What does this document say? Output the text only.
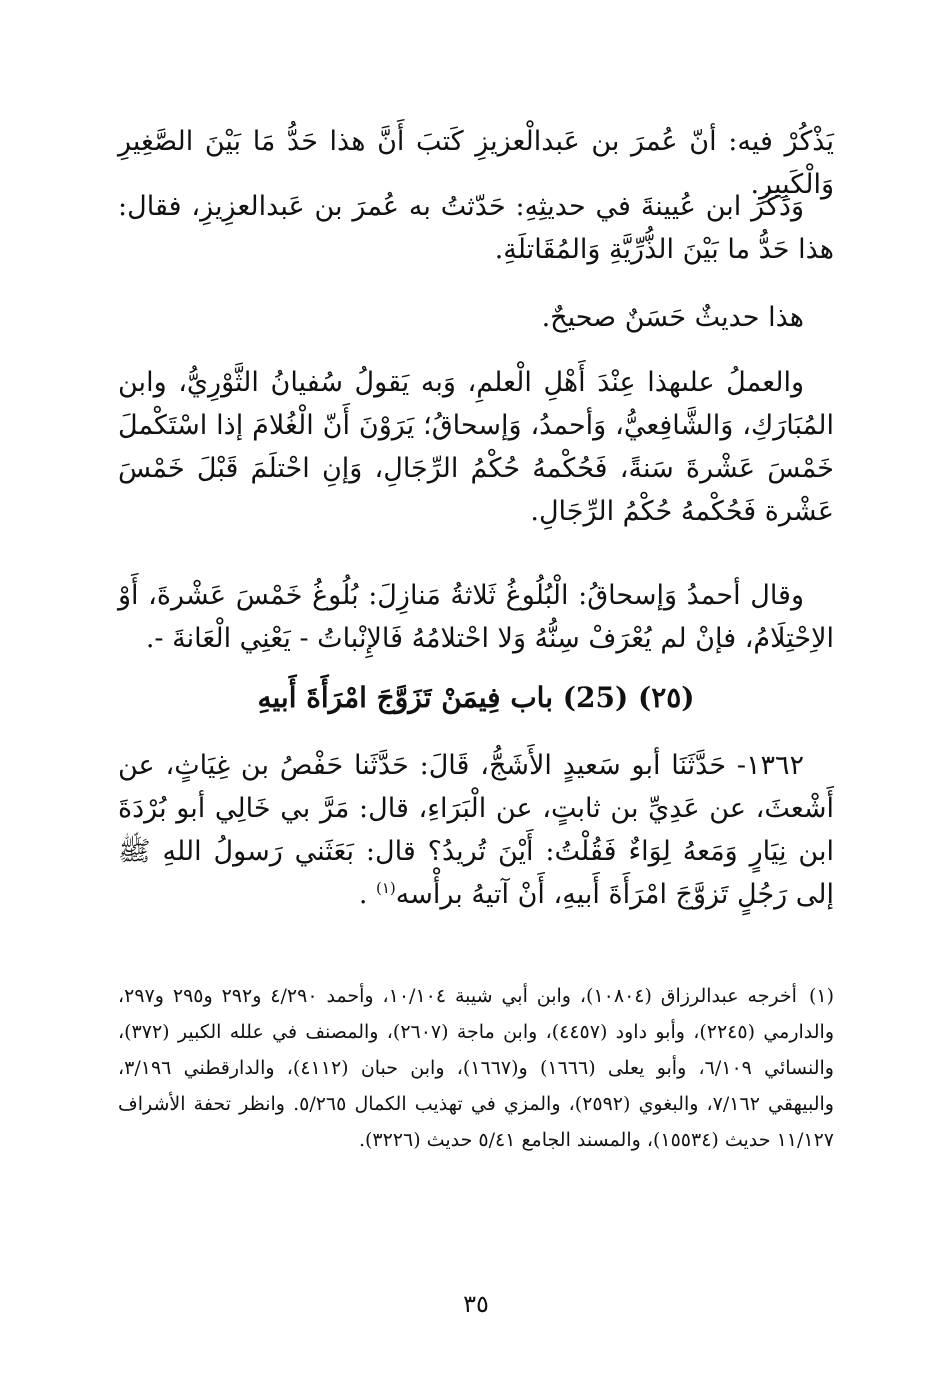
يَذْكُرْ فيه: أنّ عُمرَ بن عَبدالْعزيزِ كَتبَ أَنَّ هذا حَدُّ مَا بَيْنَ الصَّغِيرِ وَالْكَبِيرِ.

وَذَكَرَ ابن عُيينةَ في حديثِهِ: حَدّثتُ به عُمرَ بن عَبدالعزِيزِ، فقال: هذا حَدُّ ما بَيْنَ الذُّرِّيَّةِ وَالمُقَاتلَةِ.

هذا حديثٌ حَسَنٌ صحيحٌ.

والعملُ علىهذا عِنْدَ أَهْلِ الْعلمِ، وَبه يَقولُ سُفيانُ الثَّوْرِيُّ، وابن المُبَارَكِ، وَالشَّافِعيُّ، وَأحمدُ، وَإسحاقُ؛ يَرَوْنَ أَنّ الْغُلامَ إذا اسْتَكْملَ خَمْسَ عَشْرةَ سَنةً، فَحُكْمهُ حُكْمُ الرِّجَالِ، وَإنِ احْتلَمَ قَبْلَ خَمْسَ عَشْرة فَحُكْمهُ حُكْمُ الرِّجَالِ.

وقال أحمدُ وَإسحاقُ: الْبُلُوغُ ثَلاثةُ مَنازِلَ: بُلُوغُ خَمْسَ عَشْرةَ، أَوْ الاِحْتِلَامُ، فإنْ لم يُعْرَفْ سِنُّهُ وَلا احْتلامُهُ فَالإِنْباتُ - يَعْنِي الْعَانةَ -.

(٢٥) (25) باب فِيمَنْ تَزَوَّجَ امْرَأَةَ أَبيهِ

١٣٦٢- حَدَّثَنَا أبو سَعيدٍ الأَشَجُّ، قَالَ: حَدَّثَنا حَفْصُ بن غِيَاثٍ، عن أَشْعثَ، عن عَدِيِّ بن ثابتٍ، عن الْبَرَاءِ، قال: مَرَّ بي خَالِي أبو بُرْدَةَ ابن نِيَارٍ وَمَعهُ لِوَاءٌ فَقُلْتُ: أَيْنَ تُريدُ؟ قال: بَعَثَني رَسولُ اللهِ ﷺ إلى رَجُلٍ تَزوَّجَ امْرَأَةَ أَبيهِ، أَنْ آتيهُ برأْسه$^{(١)}$ .

(١)أخرجه عبدالرزاق (١٠٨٠٤)، وابن أبي شيبة ١٠/١٠٤، وأحمد ٤/٢٩٠ و٢٩٢ و٢٩٥ و٢٩٧، والدارمي (٢٢٤٥)، وأبو داود (٤٤٥٧)، وابن ماجة (٢٦٠٧)، والمصنف في علله الكبير (٣٧٢)، والنسائي ٦/١٠٩، وأبو يعلى (١٦٦٦) و(١٦٦٧)، وابن حبان (٤١١٢)، والدارقطني ٣/١٩٦، والبيهقي ٧/١٦٢، والبغوي (٢٥٩٢)، والمزي في تهذيب الكمال ٥/٢٦٥. وانظر تحفة الأشراف ١١/١٢٧ حديث (١٥٥٣٤)، والمسند الجامع ٥/٤١ حديث (٣٢٢٦).
٣٥
